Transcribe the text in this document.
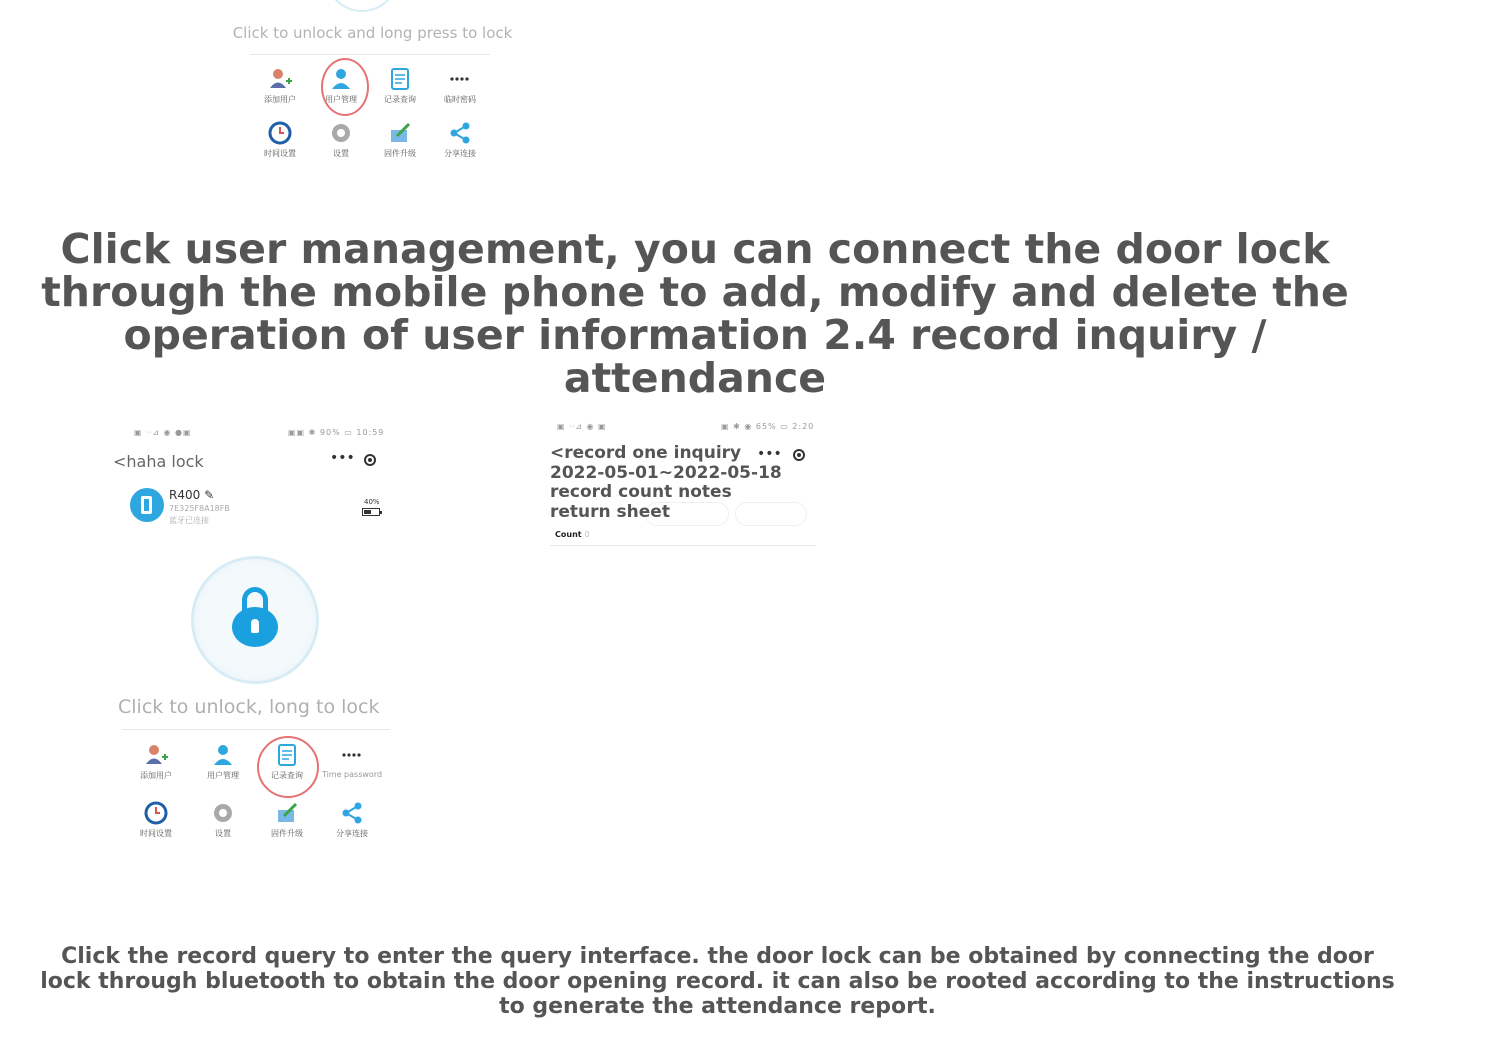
Click to unlock and long press to lock
添加用户	用户管理	记录查询	临时密码
时间设置	设置	固件升级	分享连接
Click user management, you can connect the door lock through the mobile phone to add, modify and delete the operation of user information 2.4 record inquiry / attendance
▣ ᐧᐧ⊿ ◉ ●▣	▣▣ ✱ 90% ▭ 10:59
<haha lock	•••
R400 ✎
7E325F8A18FB
蓝牙已连接
40%
Click to unlock, long to lock
添加用户	用户管理	记录查询	Time password
时间设置	设置	固件升级	分享连接
▣ ᐧᐧ⊿ ◉ ▣	▣ ✱ ◉ 65% ▭ 2:20
<record one inquiry 2022-05-01~2022-05-18 record count notes return sheet
•••
Count 0
Click the record query to enter the query interface. the door lock can be obtained by connecting the door lock through bluetooth to obtain the door opening record. it can also be rooted according to the instructions to generate the attendance report.
